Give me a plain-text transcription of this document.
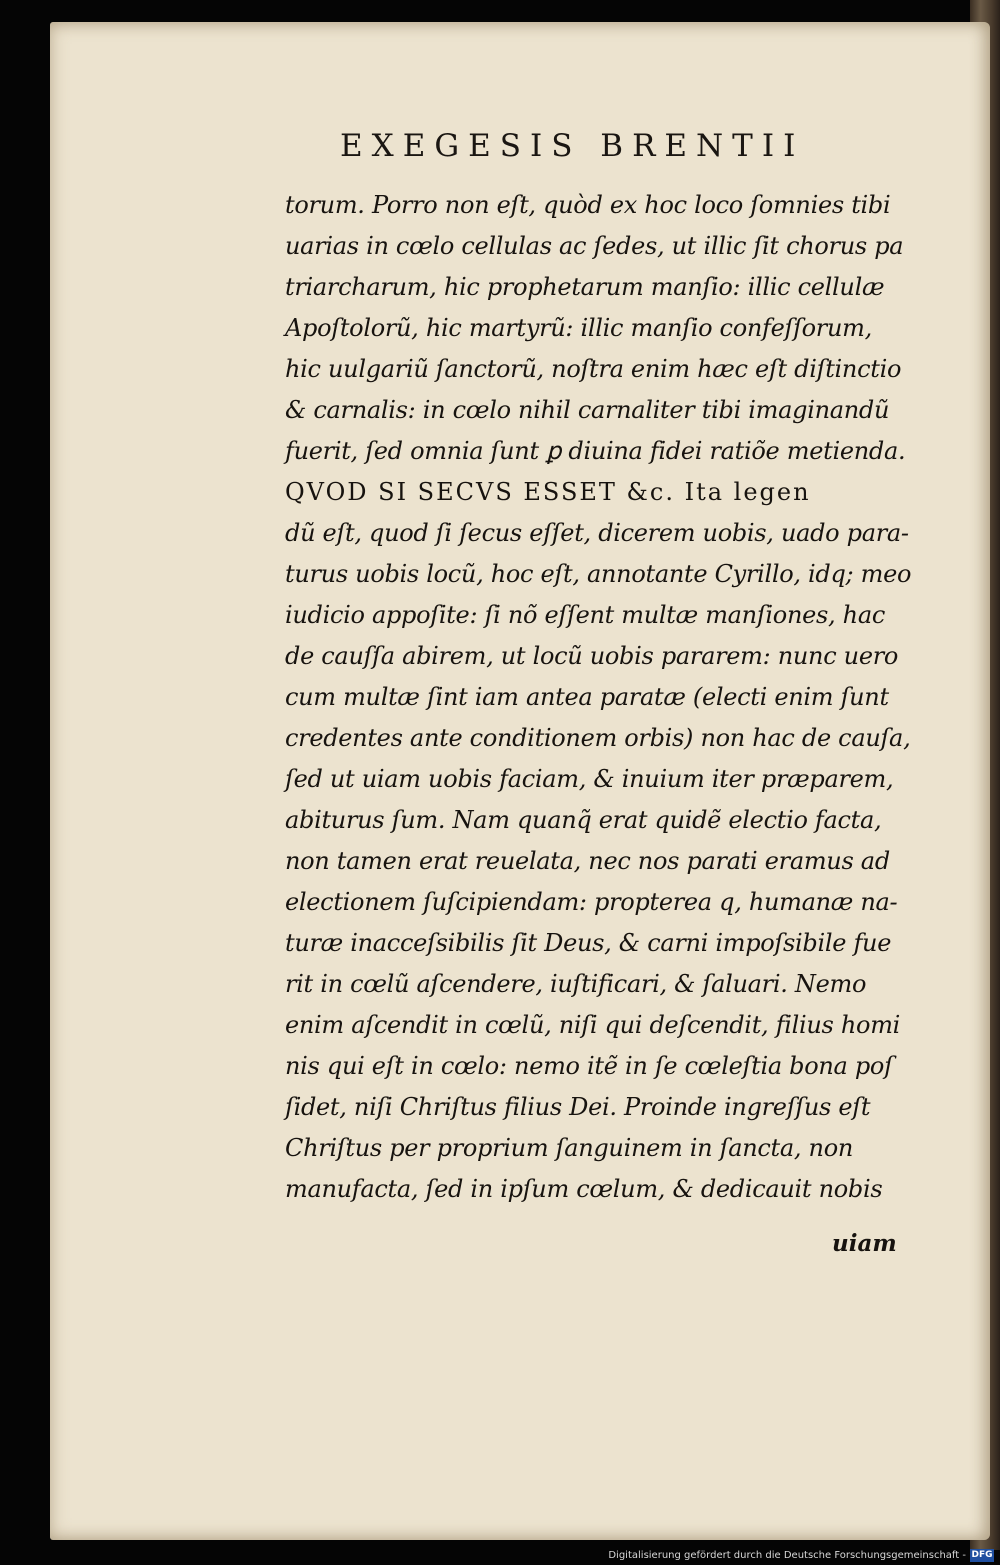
EXEGESIS BRENTII
torum. Porro non eſt, quòd ex hoc loco ſomnies tibi
uarias in cœlo cellulas ac ſedes, ut illic ſit chorus pa
triarcharum, hic prophetarum manſio: illic cellulæ
Apoſtolorũ, hic martyrũ: illic manſio confeſſorum,
hic uulgariũ ſanctorũ, noſtra enim hæc eſt diſtinctio
& carnalis: in cœlo nihil carnaliter tibi imaginandũ
fuerit, ſed omnia ſunt ꝑ diuina fidei ratiõe metienda.
QVOD SI SECVS ESSET &c. Ita legen
dũ eſt, quod ſi ſecus eſſet, dicerem uobis, uado para-
turus uobis locũ, hoc eſt, annotante Cyrillo, idq; meo
iudicio appoſite: ſi nõ eſſent multæ manſiones, hac
de cauſſa abirem, ut locũ uobis pararem: nunc uero
cum multæ ſint iam antea paratæ (electi enim ſunt
credentes ante conditionem orbis) non hac de cauſa,
ſed ut uiam uobis faciam, & inuium iter præparem,
abiturus ſum. Nam quanq̃ erat quidẽ electio facta,
non tamen erat reuelata, nec nos parati eramus ad
electionem ſuſcipiendam: propterea q, humanæ na-
turæ inacceſsibilis ſit Deus, & carni impoſsibile fue
rit in cœlũ aſcendere, iuſtificari, & ſaluari. Nemo
enim aſcendit in cœlũ, niſi qui deſcendit, filius homi
nis qui eſt in cœlo: nemo itẽ in ſe cœleſtia bona poſ
ſidet, niſi Chriſtus filius Dei. Proinde ingreſſus eſt
Chriſtus per proprium ſanguinem in ſancta, non
manufacta, ſed in ipſum cœlum, & dedicauit nobis
uiam
Digitalisierung gefördert durch die Deutsche Forschungsgemeinschaft - DFG
